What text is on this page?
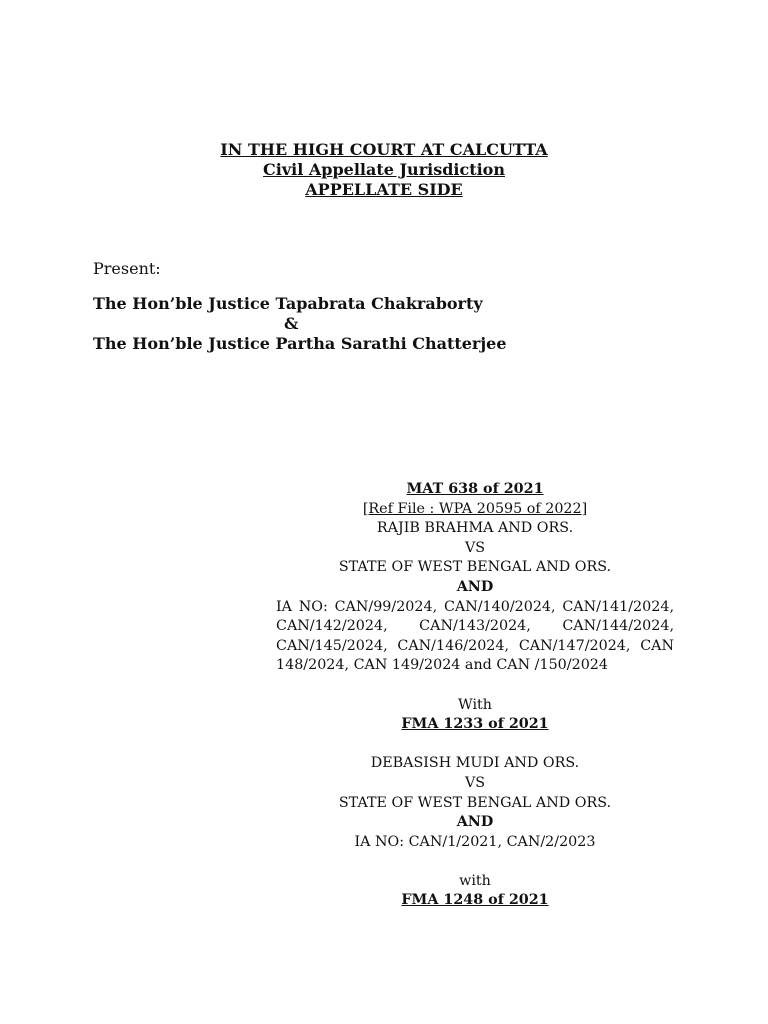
IN THE HIGH COURT AT CALCUTTA
Civil Appellate Jurisdiction
APPELLATE SIDE
Present:
The Hon’ble Justice Tapabrata Chakraborty
&
The Hon’ble Justice Partha Sarathi Chatterjee
MAT 638 of 2021
[Ref File : WPA 20595 of 2022]
RAJIB BRAHMA AND ORS.
VS
STATE OF WEST BENGAL AND ORS.
AND
IA NO: CAN/99/2024, CAN/140/2024, CAN/141/2024, CAN/142/2024, CAN/143/2024, CAN/144/2024, CAN/145/2024, CAN/146/2024, CAN/147/2024, CAN 148/2024, CAN 149/2024 and CAN /150/2024
With
FMA 1233 of 2021
DEBASISH MUDI AND ORS.
VS
STATE OF WEST BENGAL AND ORS.
AND
IA NO: CAN/1/2021, CAN/2/2023
with
FMA 1248 of 2021
